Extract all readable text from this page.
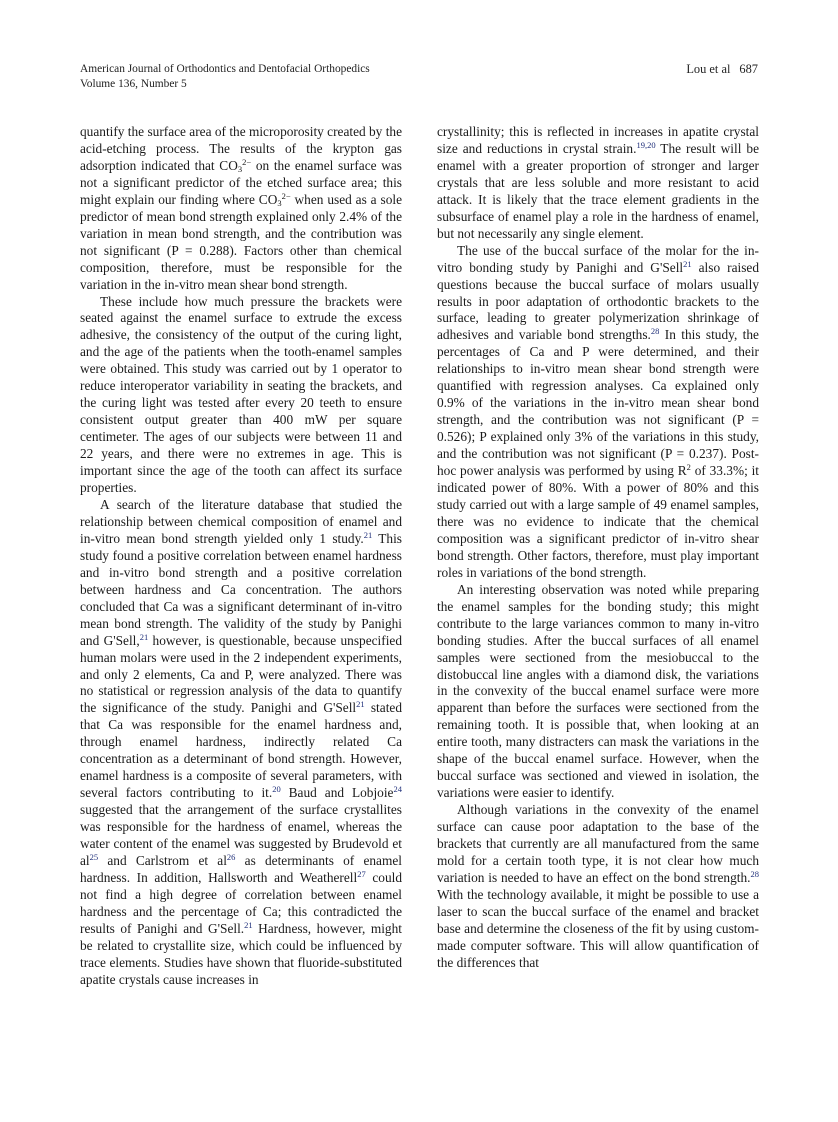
American Journal of Orthodontics and Dentofacial Orthopedics
Volume 136, Number 5
Lou et al 687

quantify the surface area of the microporosity created by the acid-etching process. The results of the krypton gas adsorption indicated that $CO_3^{2-}$ on the enamel surface was not a significant predictor of the etched surface area; this might explain our finding where $CO_3^{2-}$ when used as a sole predictor of mean bond strength explained only 2.4% of the variation in mean bond strength, and the contribution was not significant (P = 0.288). Factors other than chemical composition, therefore, must be responsible for the variation in the in-vitro mean shear bond strength.

These include how much pressure the brackets were seated against the enamel surface to extrude the excess adhesive, the consistency of the output of the curing light, and the age of the patients when the tooth-enamel samples were obtained. This study was carried out by 1 operator to reduce interoperator variability in seating the brackets, and the curing light was tested after every 20 teeth to ensure consistent output greater than 400 mW per square centimeter. The ages of our subjects were between 11 and 22 years, and there were no extremes in age. This is important since the age of the tooth can affect its surface properties.

A search of the literature database that studied the relationship between chemical composition of enamel and in-vitro mean bond strength yielded only 1 study.$^{21}$ This study found a positive correlation between enamel hardness and in-vitro bond strength and a positive correlation between hardness and Ca concentration. The authors concluded that Ca was a significant determinant of in-vitro mean bond strength. The validity of the study by Panighi and G'Sell,$^{21}$ however, is questionable, because unspecified human molars were used in the 2 independent experiments, and only 2 elements, Ca and P, were analyzed. There was no statistical or regression analysis of the data to quantify the significance of the study. Panighi and G'Sell$^{21}$ stated that Ca was responsible for the enamel hardness and, through enamel hardness, indirectly related Ca concentration as a determinant of bond strength. However, enamel hardness is a composite of several parameters, with several factors contributing to it.$^{20}$ Baud and Lobjoie$^{24}$ suggested that the arrangement of the surface crystallites was responsible for the hardness of enamel, whereas the water content of the enamel was suggested by Brudevold et al$^{25}$ and Carlstrom et al$^{26}$ as determinants of enamel hardness. In addition, Hallsworth and Weatherell$^{27}$ could not find a high degree of correlation between enamel hardness and the percentage of Ca; this contradicted the results of Panighi and G'Sell.$^{21}$ Hardness, however, might be related to crystallite size, which could be influenced by trace elements. Studies have shown that fluoride-substituted apatite crystals cause increases in

crystallinity; this is reflected in increases in apatite crystal size and reductions in crystal strain.$^{19,20}$ The result will be enamel with a greater proportion of stronger and larger crystals that are less soluble and more resistant to acid attack. It is likely that the trace element gradients in the subsurface of enamel play a role in the hardness of enamel, but not necessarily any single element.

The use of the buccal surface of the molar for the in-vitro bonding study by Panighi and G'Sell$^{21}$ also raised questions because the buccal surface of molars usually results in poor adaptation of orthodontic brackets to the surface, leading to greater polymerization shrinkage of adhesives and variable bond strengths.$^{28}$ In this study, the percentages of Ca and P were determined, and their relationships to in-vitro mean shear bond strength were quantified with regression analyses. Ca explained only 0.9% of the variations in the in-vitro mean shear bond strength, and the contribution was not significant (P = 0.526); P explained only 3% of the variations in this study, and the contribution was not significant (P = 0.237). Post-hoc power analysis was performed by using $R^2$ of 33.3%; it indicated power of 80%. With a power of 80% and this study carried out with a large sample of 49 enamel samples, there was no evidence to indicate that the chemical composition was a significant predictor of in-vitro shear bond strength. Other factors, therefore, must play important roles in variations of the bond strength.

An interesting observation was noted while preparing the enamel samples for the bonding study; this might contribute to the large variances common to many in-vitro bonding studies. After the buccal surfaces of all enamel samples were sectioned from the mesiobuccal to the distobuccal line angles with a diamond disk, the variations in the convexity of the buccal enamel surface were more apparent than before the surfaces were sectioned from the remaining tooth. It is possible that, when looking at an entire tooth, many distracters can mask the variations in the shape of the buccal enamel surface. However, when the buccal surface was sectioned and viewed in isolation, the variations were easier to identify.

Although variations in the convexity of the enamel surface can cause poor adaptation to the base of the brackets that currently are all manufactured from the same mold for a certain tooth type, it is not clear how much variation is needed to have an effect on the bond strength.$^{28}$ With the technology available, it might be possible to use a laser to scan the buccal surface of the enamel and bracket base and determine the closeness of the fit by using custom-made computer software. This will allow quantification of the differences that
